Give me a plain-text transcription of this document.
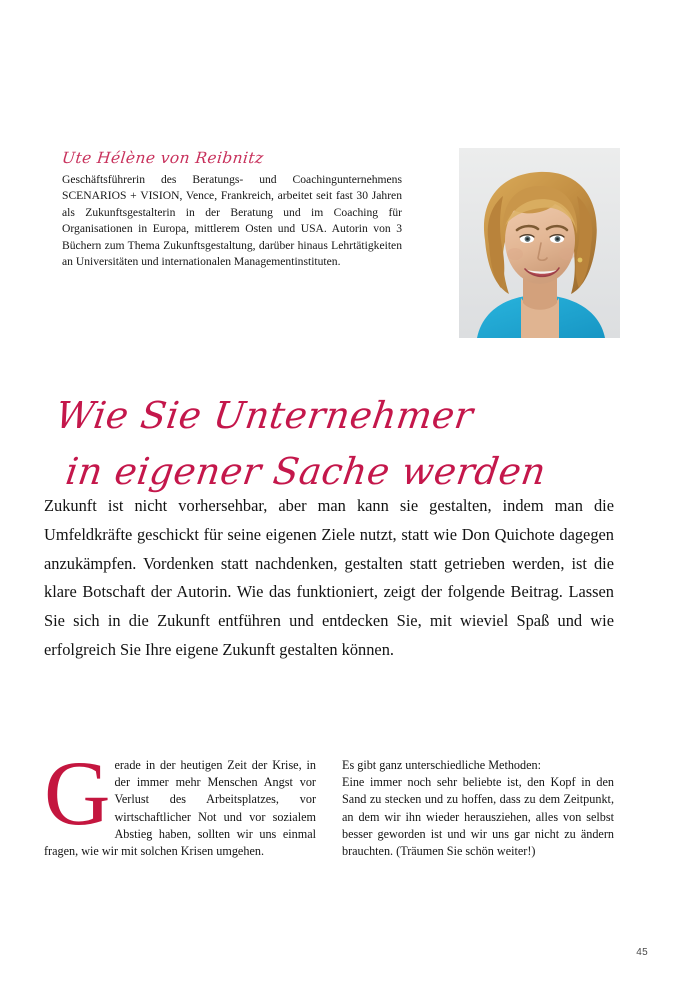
Ute Hélène von Reibnitz

Geschäftsführerin des Beratungs- und Coachingunternehmens SCENARIOS + VISION, Vence, Frankreich, arbeitet seit fast 30 Jahren als Zukunftsgestalterin in der Beratung und im Coaching für Organisationen in Europa, mittlerem Osten und USA. Autorin von 3 Büchern zum Thema Zukunftsgestaltung, darüber hinaus Lehrtätigkeiten an Universitäten und internationalen Managementinstituten.

Wie Sie Unternehmer
in eigener Sache werden

Zukunft ist nicht vorhersehbar, aber man kann sie gestalten, indem man die Umfeldkräfte geschickt für seine eigenen Ziele nutzt, statt wie Don Quichote dagegen anzukämpfen. Vordenken statt nachdenken, gestalten statt getrieben werden, ist die klare Botschaft der Autorin. Wie das funktioniert, zeigt der folgende Beitrag. Lassen Sie sich in die Zukunft entführen und entdecken Sie, mit wieviel Spaß und wie erfolgreich Sie Ihre eigene Zukunft gestalten können.

Gerade in der heutigen Zeit der Krise, in der immer mehr Menschen Angst vor Verlust des Arbeitsplatzes, vor wirtschaftlicher Not und vor sozialem Abstieg haben, sollten wir uns einmal fragen, wie wir mit solchen Krisen umgehen.

Es gibt ganz unterschiedliche Methoden:
Eine immer noch sehr beliebte ist, den Kopf in den Sand zu stecken und zu hoffen, dass zu dem Zeitpunkt, an dem wir ihn wieder herausziehen, alles von selbst besser geworden ist und wir uns gar nicht zu ändern brauchten. (Träumen Sie schön weiter!)

45
